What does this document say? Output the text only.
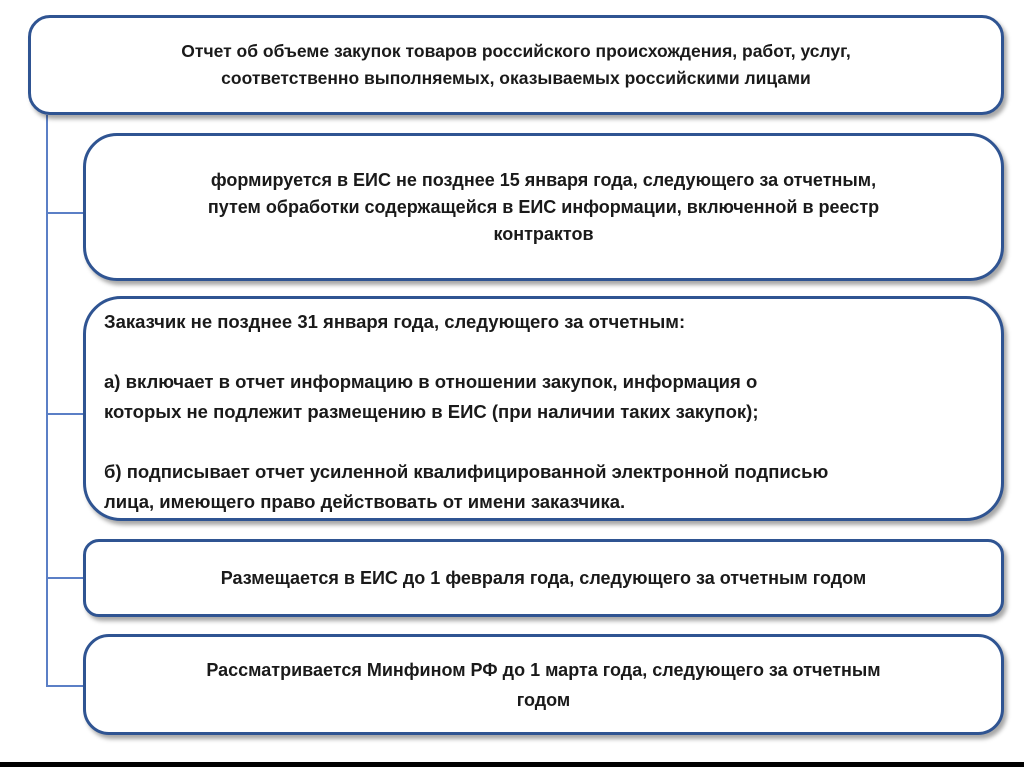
Отчет об объеме закупок товаров российского происхождения, работ, услуг,
соответственно выполняемых, оказываемых российскими лицами
формируется в ЕИС не позднее 15 января года, следующего за отчетным,
путем обработки содержащейся в ЕИС информации, включенной в реестр
контрактов

Заказчик не позднее 31 января года, следующего за отчетным:

а) включает в отчет информацию в отношении закупок, информация о

которых не подлежит размещению в ЕИС (при наличии таких закупок);

б) подписывает отчет усиленной квалифицированной электронной подписью

лица, имеющего право действовать от имени заказчика.

Размещается в ЕИС до 1 февраля года, следующего за отчетным годом
Рассматривается Минфином РФ до 1 марта года, следующего за отчетным
годом
